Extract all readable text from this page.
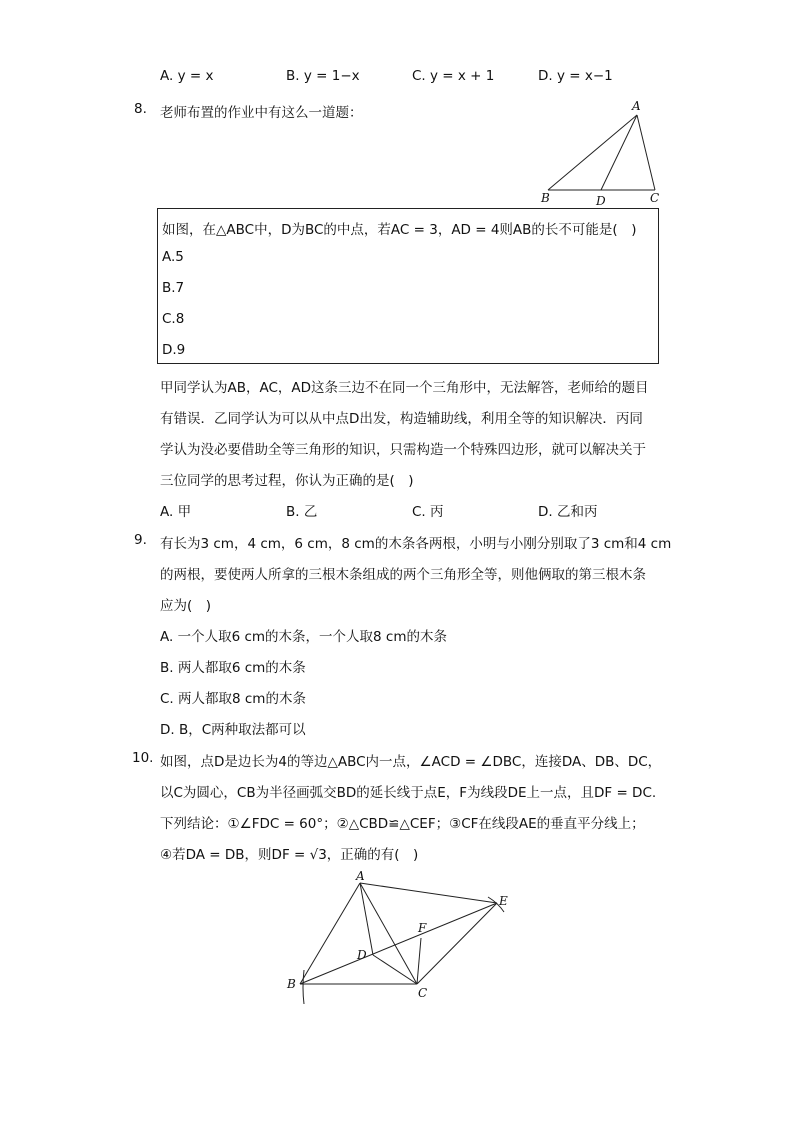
A. y = x	B. y = 1−x	C. y = x + 1	D. y = x−1
8. 老师布置的作业中有这么一道题：	A
B	D	C
如图，在△ABC中，D为BC的中点，若AC = 3，AD = 4则AB的长不可能是(　)
A.5
B.7
C.8
D.9
甲同学认为AB，AC，AD这条三边不在同一个三角形中，无法解答，老师给的题目
有错误．乙同学认为可以从中点D出发，构造辅助线，利用全等的知识解决．丙同
学认为没必要借助全等三角形的知识，只需构造一个特殊四边形，就可以解决关于
三位同学的思考过程，你认为正确的是(　)
A. 甲	B. 乙	C. 丙	D. 乙和丙
9. 有长为3 cm，4 cm，6 cm，8 cm的木条各两根，小明与小刚分别取了3 cm和4 cm
的两根，要使两人所拿的三根木条组成的两个三角形全等，则他俩取的第三根木条
应为(　)
A. 一个人取6 cm的木条，一个人取8 cm的木条
B. 两人都取6 cm的木条
C. 两人都取8 cm的木条
D. B，C两种取法都可以
10. 如图，点D是边长为4的等边△ABC内一点，∠ACD = ∠DBC，连接DA、DB、DC，
以C为圆心，CB为半径画弧交BD的延长线于点E，F为线段DE上一点，且DF = DC.
下列结论：①∠FDC = 60°；②△CBD≌△CEF；③CF在线段AE的垂直平分线上；
④若DA = DB，则DF = √3，正确的有(　)
A
B
C
D
E
F
